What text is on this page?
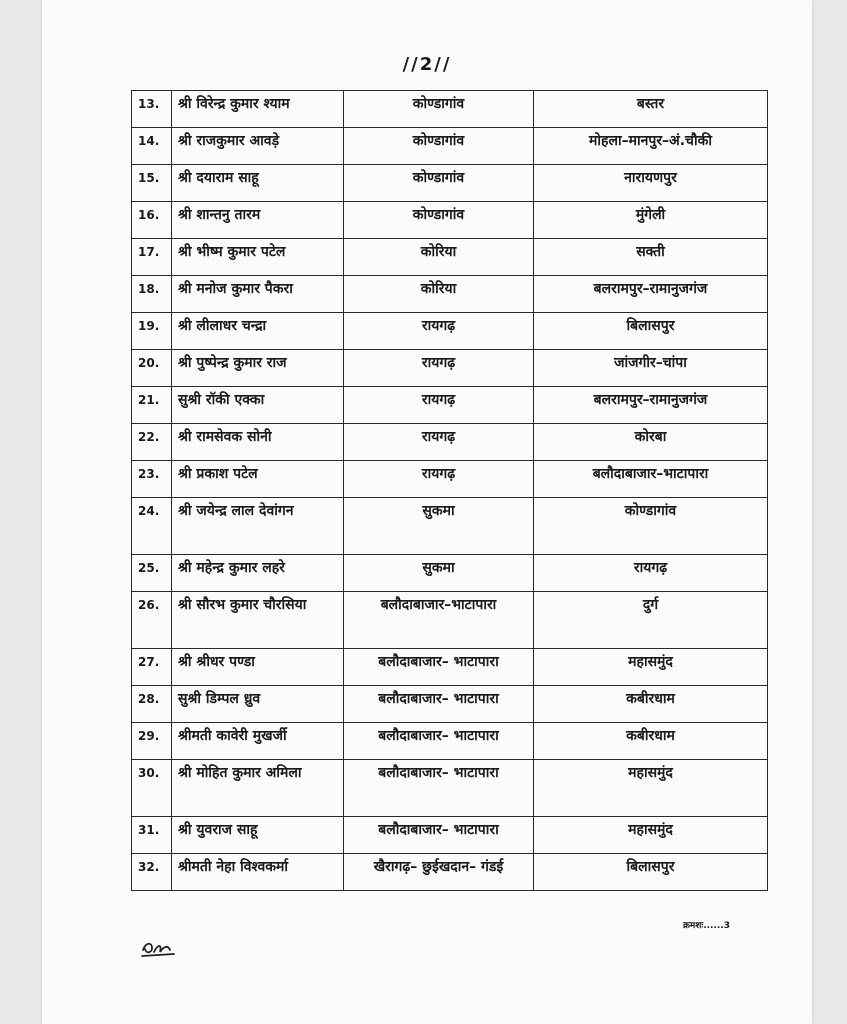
//2//
13.	श्री विरेन्द्र कुमार श्याम	कोण्डागांव	बस्तर
14.	श्री राजकुमार आवड़े	कोण्डागांव	मोहला–मानपुर–अं.चौकी
15.	श्री दयाराम साहू	कोण्डागांव	नारायणपुर
16.	श्री शान्तनु तारम	कोण्डागांव	मुंगेली
17.	श्री भीष्म कुमार पटेल	कोरिया	सक्ती
18.	श्री मनोज कुमार पैकरा	कोरिया	बलरामपुर–रामानुजगंज
19.	श्री लीलाधर चन्द्रा	रायगढ़	बिलासपुर
20.	श्री पुष्पेन्द्र कुमार राज	रायगढ़	जांजगीर–चांपा
21.	सुश्री रॉकी एक्का	रायगढ़	बलरामपुर–रामानुजगंज
22.	श्री रामसेवक सोनी	रायगढ़	कोरबा
23.	श्री प्रकाश पटेल	रायगढ़	बलौदाबाजार–भाटापारा
24.	श्री जयेन्द्र लाल देवांगन	सुकमा	कोण्डागांव
25.	श्री महेन्द्र कुमार लहरे	सुकमा	रायगढ़
26.	श्री सौरभ कुमार चौरसिया	बलौदाबाजार–भाटापारा	दुर्ग
27.	श्री श्रीधर पण्डा	बलौदाबाजार– भाटापारा	महासमुंद
28.	सुश्री डिम्पल ध्रुव	बलौदाबाजार– भाटापारा	कबीरधाम
29.	श्रीमती कावेरी मुखर्जी	बलौदाबाजार– भाटापारा	कबीरधाम
30.	श्री मोहित कुमार अमिला	बलौदाबाजार– भाटापारा	महासमुंद
31.	श्री युवराज साहू	बलौदाबाजार– भाटापारा	महासमुंद
32.	श्रीमती नेहा विश्वकर्मा	खैरागढ़– छुईखदान– गंडई	बिलासपुर
क्रमशः......3
